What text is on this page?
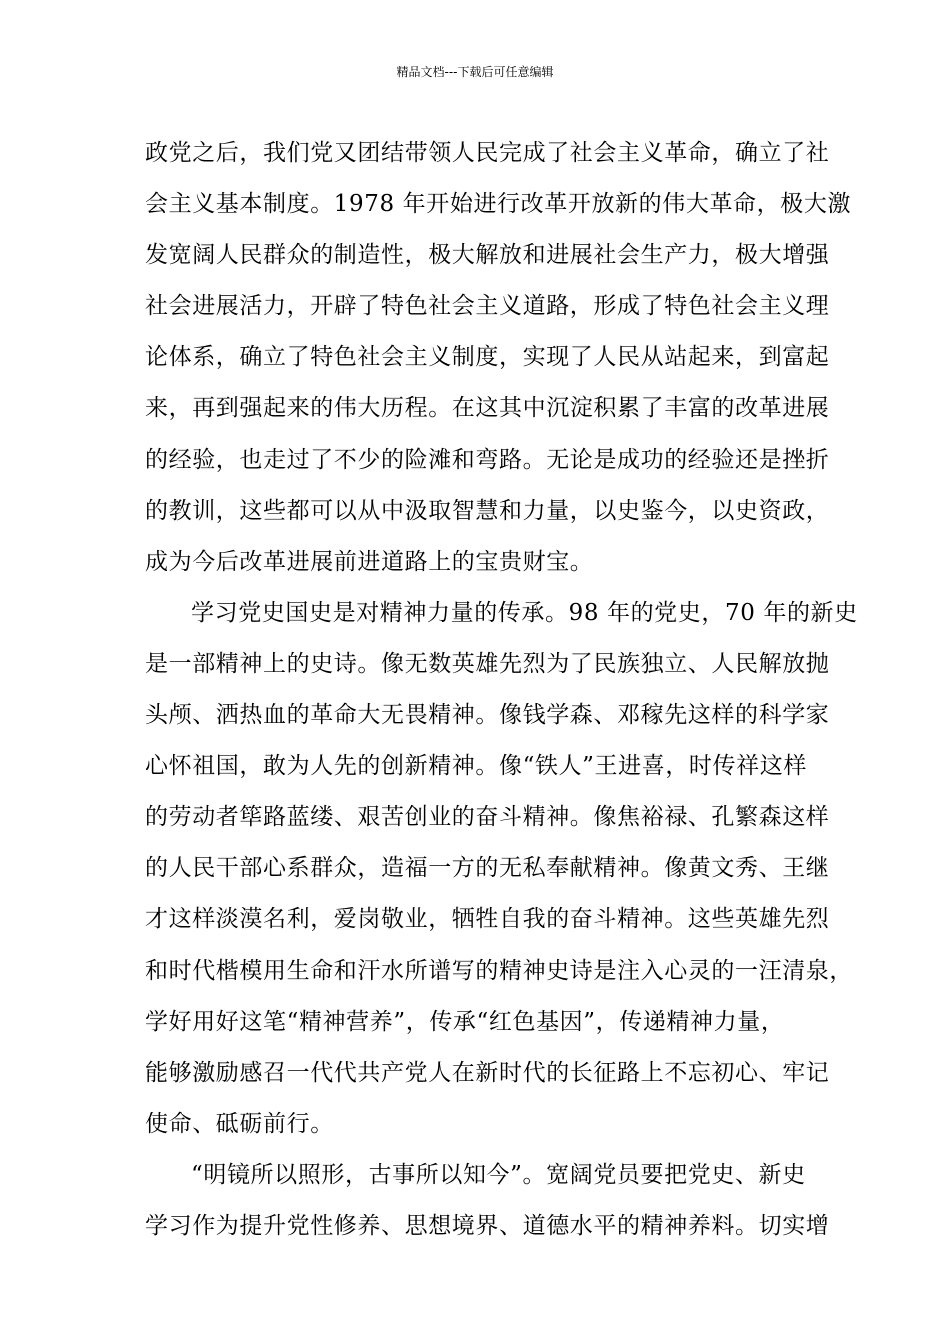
精品文档---下载后可任意编辑
政党之后，我们党又团结带领人民完成了社会主义革命，确立了社
会主义基本制度。1978 年开始进行改革开放新的伟大革命，极大激
发宽阔人民群众的制造性，极大解放和进展社会生产力，极大增强
社会进展活力，开辟了特色社会主义道路，形成了特色社会主义理
论体系，确立了特色社会主义制度，实现了人民从站起来，到富起
来，再到强起来的伟大历程。在这其中沉淀积累了丰富的改革进展
的经验，也走过了不少的险滩和弯路。无论是成功的经验还是挫折
的教训，这些都可以从中汲取智慧和力量，以史鉴今，以史资政，
成为今后改革进展前进道路上的宝贵财宝。
学习党史国史是对精神力量的传承。98 年的党史，70 年的新史
是一部精神上的史诗。像无数英雄先烈为了民族独立、人民解放抛
头颅、洒热血的革命大无畏精神。像钱学森、邓稼先这样的科学家
心怀祖国，敢为人先的创新精神。像“铁人”王进喜，时传祥这样
的劳动者筚路蓝缕、艰苦创业的奋斗精神。像焦裕禄、孔繁森这样
的人民干部心系群众，造福一方的无私奉献精神。像黄文秀、王继
才这样淡漠名利，爱岗敬业，牺牲自我的奋斗精神。这些英雄先烈
和时代楷模用生命和汗水所谱写的精神史诗是注入心灵的一汪清泉，
学好用好这笔“精神营养”，传承“红色基因”，传递精神力量，
能够激励感召一代代共产党人在新时代的长征路上不忘初心、牢记
使命、砥砺前行。
“明镜所以照形，古事所以知今”。宽阔党员要把党史、新史
学习作为提升党性修养、思想境界、道德水平的精神养料。切实增
